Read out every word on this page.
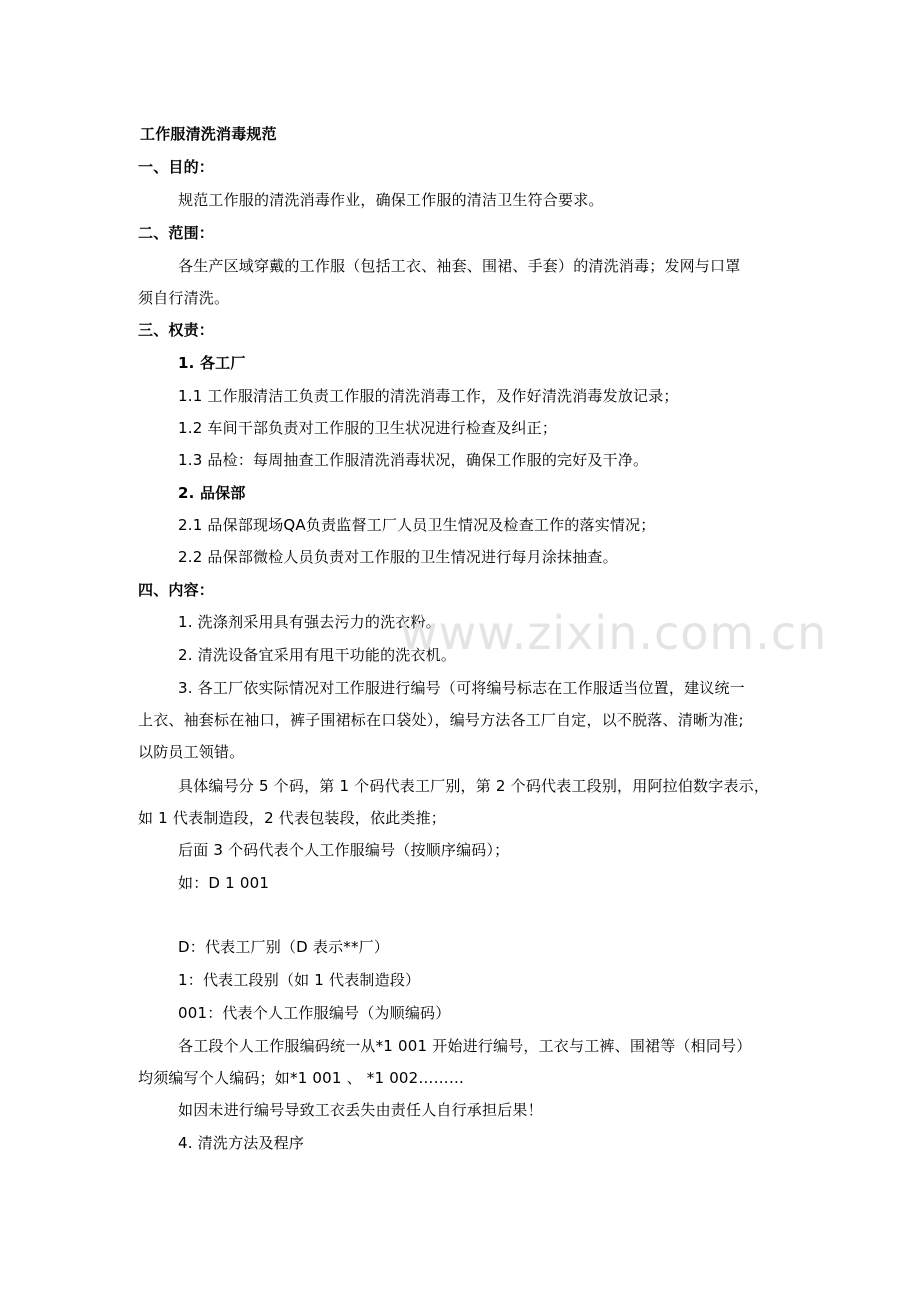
工作服清洗消毒规范
一、目的：
规范工作服的清洗消毒作业，确保工作服的清洁卫生符合要求。
二、范围：
各生产区域穿戴的工作服（包括工衣、袖套、围裙、手套）的清洗消毒；发网与口罩
须自行清洗。
三、权责：
1. 各工厂
1.1 工作服清洁工负责工作服的清洗消毒工作，及作好清洗消毒发放记录；
1.2 车间干部负责对工作服的卫生状况进行检查及纠正；
1.3 品检：每周抽查工作服清洗消毒状况，确保工作服的完好及干净。
2. 品保部
2.1 品保部现场QA负责监督工厂人员卫生情况及检查工作的落实情况；
2.2 品保部微检人员负责对工作服的卫生情况进行每月涂抹抽查。
四、内容：
1. 洗涤剂采用具有强去污力的洗衣粉。
2. 清洗设备宜采用有甩干功能的洗衣机。
3. 各工厂依实际情况对工作服进行编号（可将编号标志在工作服适当位置，建议统一
上衣、袖套标在袖口，裤子围裙标在口袋处），编号方法各工厂自定，以不脱落、清晰为准;
以防员工领错。
具体编号分 5 个码，第 1 个码代表工厂别，第 2 个码代表工段别，用阿拉伯数字表示，
如 1 代表制造段，2 代表包装段，依此类推；
后面 3 个码代表个人工作服编号（按顺序编码）；
如：D 1 001
D：代表工厂别（D 表示**厂）
1：代表工段别（如 1 代表制造段）
001：代表个人工作服编号（为顺编码）
各工段个人工作服编码统一从*1 001 开始进行编号，工衣与工裤、围裙等（相同号）
均须编写个人编码；如*1 001 、 *1 002………
如因未进行编号导致工衣丢失由责任人自行承担后果！
4. 清洗方法及程序
www.zixin.com.cn
